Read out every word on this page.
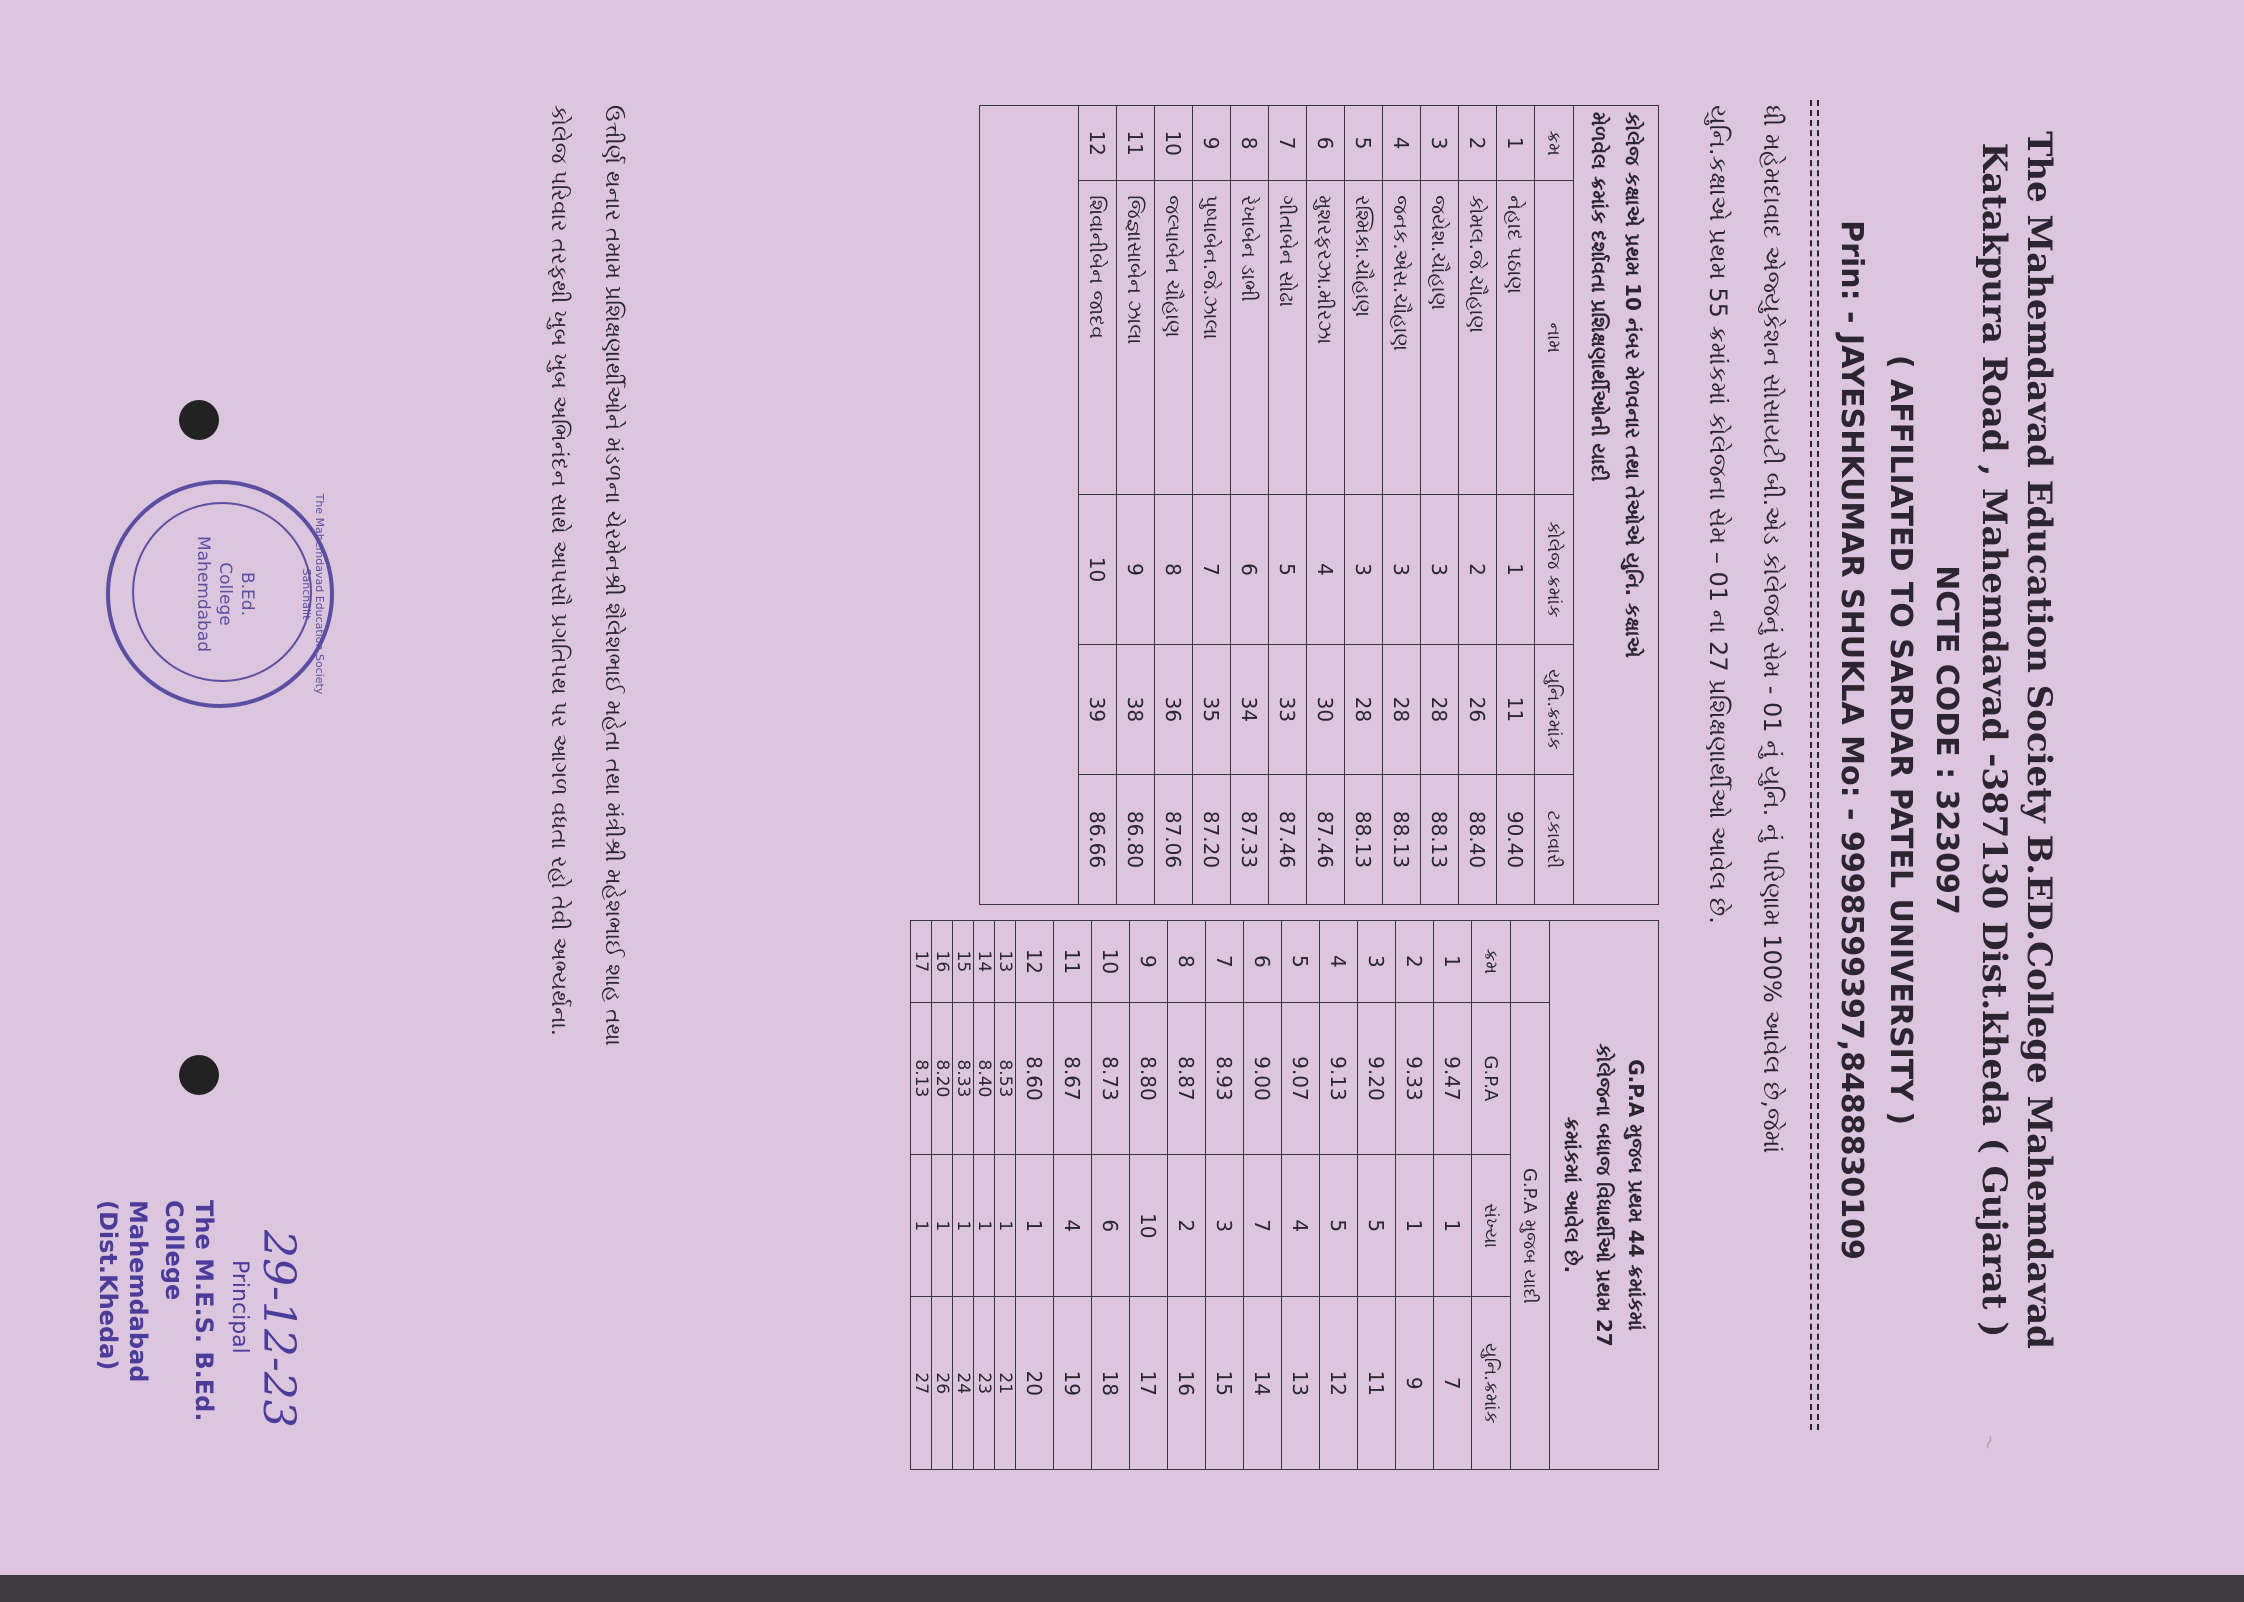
~
The Mahemdavad Education Society B.ED.College Mahemdavad
Katakpura Road , Mahemdavad -387130 Dist.kheda ( Gujarat )
NCTE CODE : 323097
( AFFILIATED TO SARDAR PATEL UNIVERSITY )
Prin: - JAYESHKUMAR SHUKLA Mo: - 9998599397,8488830109
ધી મહેમદાવાદ એજ્યુકેશન સોસાયટી બી.એડ કોલેજનું સેમ - 01 નું યુનિ. નું પરિણામ 100% આવેલ છે,જેમાં
યુનિ.કક્ષાએ પ્રથમ 55 ક્રમાંકમાં કોલેજના સેમ – 01 ના 27 પ્રશિક્ષણાર્થીઓ આવેલ છે.
કોલેજ કક્ષાએ પ્રથમ 10 નંબર મેળવનાર તથા તેઓએ યુનિ. કક્ષાએ
મેળવેલ ક્રમાંક દર્શાવતા પ્રશિક્ષણાર્થીઓની યાદી				

ક્રમ	નામ	કોલેજ ક્રમાંક	યુનિ.ક્રમાંક	ટકાવારી
1	નેહાદ પઠાણ	1	11	90.40
2	કોમલ.જે.ચૌહાણ	2	26	88.40
3	જયેશ.ચૌહાણ	3	28	88.13
4	જનક.એસ.ચૌહાણ	3	28	88.13
5	રશ્મિકા.ચૌહાણ	3	28	88.13
6	મુશરફરઝા.મીરઝા	4	30	87.46
7	ગીતાબેન સોઢા	5	33	87.46
8	રેખાબેન ડાભી	6	34	87.33
9	પુષ્પાબેન.જે.ઝાલા	7	35	87.20
10	જલ્પાબેન ચૌહાણ	8	36	87.06
11	જિજ્ઞાસાબેન ઝાલા	9	38	86.80
12	શિવાનીબેન જાદવ	10	39	86.66

G.P.A મુજબ પ્રથમ 44 ક્રમાંકમાં
કોલેજના બધાજ વિધાર્થીઓ પ્રથમ 27
ક્રમાંકમાં આવેલ છે.			

	G.P.A મુજબ યાદી		
ક્રમ	G.P.A	સંખ્યા	યુનિ.ક્રમાંક
1	9.47	1	7
2	9.33	1	9
3	9.20	5	11
4	9.13	5	12
5	9.07	4	13
6	9.00	7	14
7	8.93	3	15
8	8.87	2	16
9	8.80	10	17
10	8.73	6	18
11	8.67	4	19
12	8.60	1	20
13	8.53	1	21
14	8.40	1	23
15	8.33	1	24
16	8.20	1	26
17	8.13	1	27
ઉત્તીર્ણ થનાર તમામ પ્રશિક્ષણાર્થીઓને મંડળના ચેરમેનશ્રી શૈલેશભાઈ મહેતા તથા મંત્રીશ્રી મહેશભાઈ શાહ તથા
કોલેજ પરિવાર તરફથી ખુબ ખુબ અભિનંદન સાથે આપસૌ પ્રગતિપથ પર આગળ વધતા રહો તેવી અભ્યર્થના.
The Mahemdavad Education Society Sanchalit
B.Ed.
College
Mahemdabad
29-12-23
Principal
The M.E.S. B.Ed. College
Mahemdabad (Dist.Kheda)
